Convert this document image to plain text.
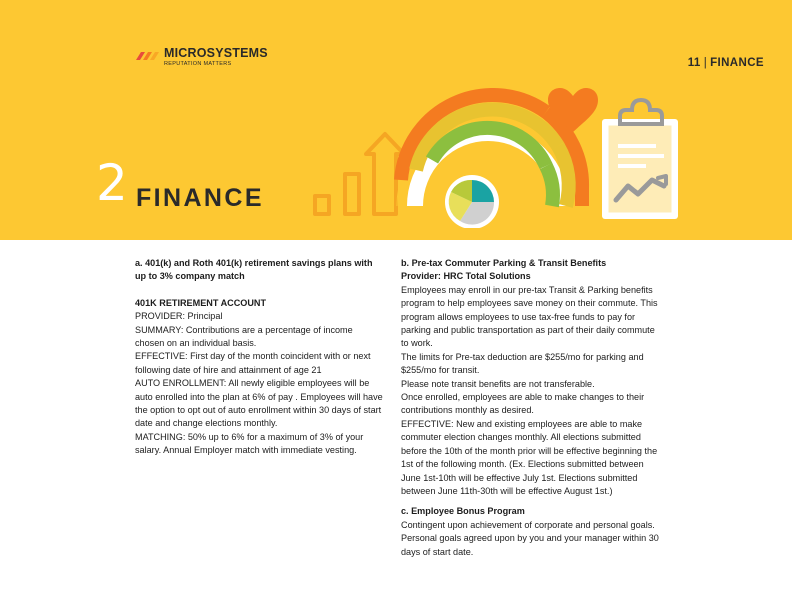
MICROSYSTEMS
REPUTATION MATTERS	11 | FINANCE
2 FINANCE

a. 401(k) and Roth 401(k) retirement savings plans with up to 3% company match

401K RETIREMENT ACCOUNT

PROVIDER: Principal

SUMMARY: Contributions are a percentage of income chosen on an individual basis.

EFFECTIVE: First day of the month coincident with or next following date of hire and attainment of age 21

AUTO ENROLLMENT: All newly eligible employees will be auto enrolled into the plan at 6% of pay . Employees will have the option to opt out of auto enrollment within 30 days of start date and change elections monthly.

MATCHING: 50% up to 6% for a maximum of 3% of your salary. Annual Employer match with immediate vesting.

b. Pre-tax Commuter Parking & Transit Benefits

Provider: HRC Total Solutions

Employees may enroll in our pre-tax Transit & Parking benefits program to help employees save money on their commute. This program allows employees to use tax-free funds to pay for parking and public transportation as part of their daily commute to work.

The limits for Pre-tax deduction are $255/mo for parking and $255/mo for transit.

Please note transit benefits are not transferable.

Once enrolled, employees are able to make changes to their contributions monthly as desired.

EFFECTIVE: New and existing employees are able to make commuter election changes monthly. All elections submitted before the 10th of the month prior will be effective beginning the 1st of the following month. (Ex. Elections submitted between June 1st-10th will be effective July 1st. Elections submitted between June 11th-30th will be effective August 1st.)

c. Employee Bonus Program

Contingent upon achievement of corporate and personal goals. Personal goals agreed upon by you and your manager within 30 days of start date.
